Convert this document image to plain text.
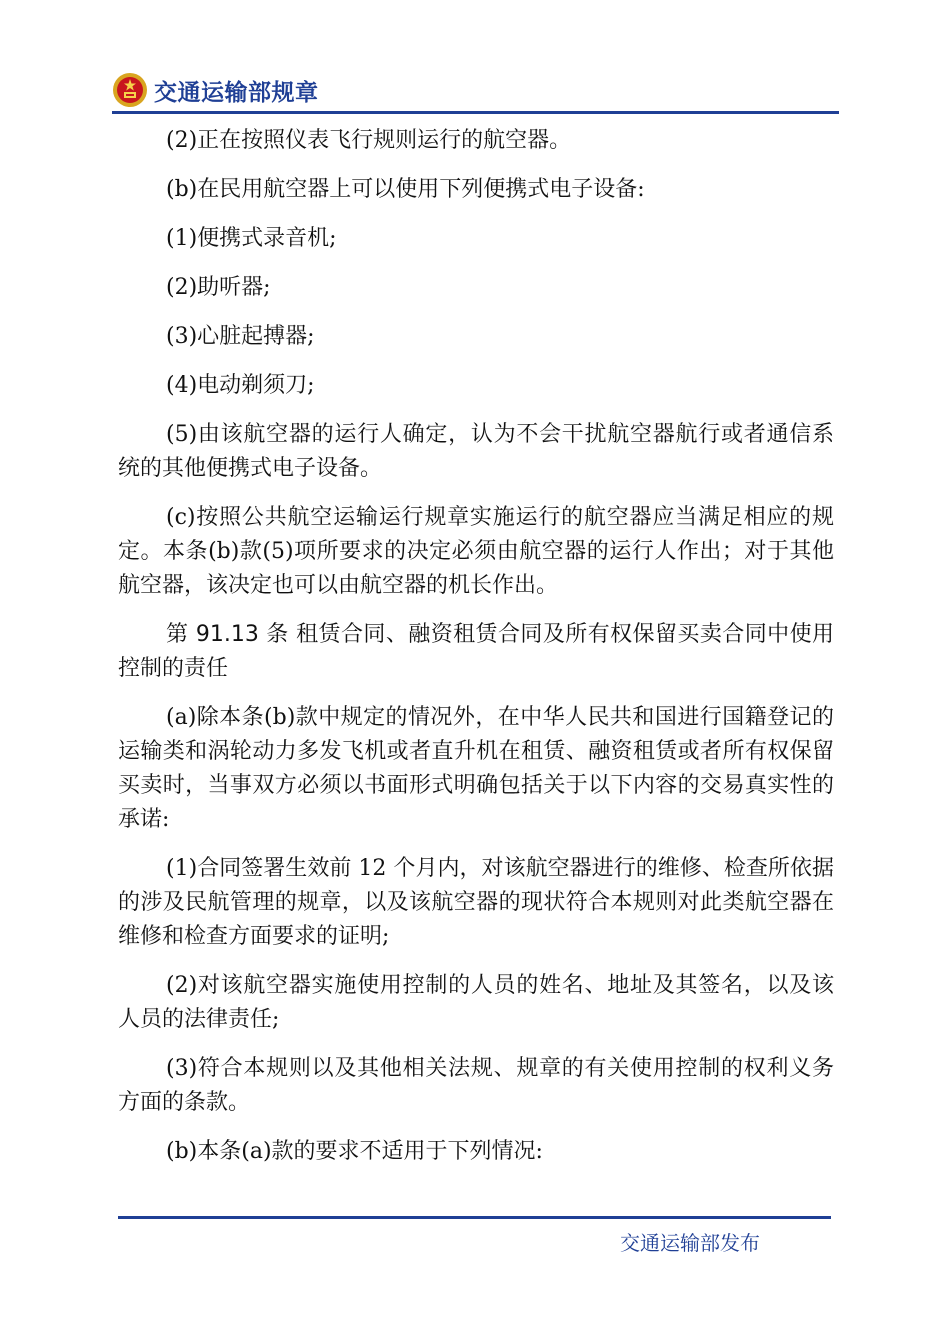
交通运输部规章

(2)正在按照仪表飞行规则运行的航空器。

(b)在民用航空器上可以使用下列便携式电子设备:

(1)便携式录音机;

(2)助听器;

(3)心脏起搏器;

(4)电动剃须刀;

(5)由该航空器的运行人确定，认为不会干扰航空器航行或者通信系统的其他便携式电子设备。

(c)按照公共航空运输运行规章实施运行的航空器应当满足相应的规定。本条(b)款(5)项所要求的决定必须由航空器的运行人作出；对于其他航空器，该决定也可以由航空器的机长作出。

第 91.13 条 租赁合同、融资租赁合同及所有权保留买卖合同中使用控制的责任

(a)除本条(b)款中规定的情况外，在中华人民共和国进行国籍登记的运输类和涡轮动力多发飞机或者直升机在租赁、融资租赁或者所有权保留买卖时，当事双方必须以书面形式明确包括关于以下内容的交易真实性的承诺:

(1)合同签署生效前 12 个月内，对该航空器进行的维修、检查所依据的涉及民航管理的规章，以及该航空器的现状符合本规则对此类航空器在维修和检查方面要求的证明;

(2)对该航空器实施使用控制的人员的姓名、地址及其签名，以及该人员的法律责任;

(3)符合本规则以及其他相关法规、规章的有关使用控制的权利义务方面的条款。

(b)本条(a)款的要求不适用于下列情况:

交通运输部发布
